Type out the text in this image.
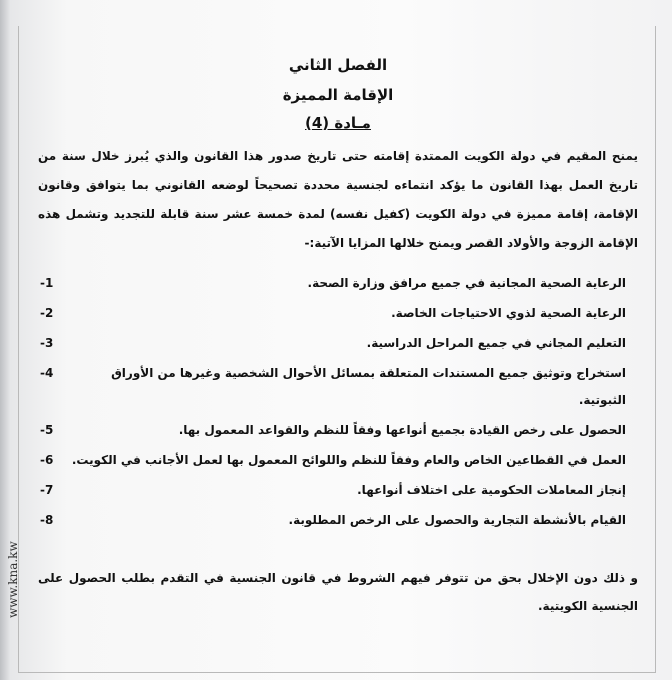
www.kna.kw

الفصل الثاني

الإقامة المميزة

مـادة (4)

يمنح المقيم في دولة الكويت الممتدة إقامته حتى تاريخ صدور هذا القانون والذي يُبرز خلال سنة من تاريخ العمل بهذا القانون ما يؤكد انتماءه لجنسية محددة تصحيحاً لوضعه القانوني بما يتوافق وقانون الإقامة، إقامة مميزة في دولة الكويت (كفيل نفسه) لمدة خمسة عشر سنة قابلة للتجديد وتشمل هذه الإقامة الزوجة والأولاد القصر ويمنح خلالها المزايا الآتية:-

الرعاية الصحية المجانية في جميع مرافق وزارة الصحة.
-1
الرعاية الصحية لذوي الاحتياجات الخاصة.
-2
التعليم المجاني في جميع المراحل الدراسية.
-3
استخراج وتوثيق جميع المستندات المتعلقة بمسائل الأحوال الشخصية وغيرها من الأوراق الثبوتية.
-4
الحصول على رخص القيادة بجميع أنواعها وفقاً للنظم والقواعد المعمول بها.
-5
العمل في القطاعين الخاص والعام وفقاً للنظم واللوائح المعمول بها لعمل الأجانب في الكويت.
-6
إنجاز المعاملات الحكومية على اختلاف أنواعها.
-7
القيام بالأنشطة التجارية والحصول على الرخص المطلوبة.
-8

و ذلك دون الإخلال بحق من تتوفر فيهم الشروط في قانون الجنسية في التقدم بطلب الحصول على الجنسية الكويتية.
